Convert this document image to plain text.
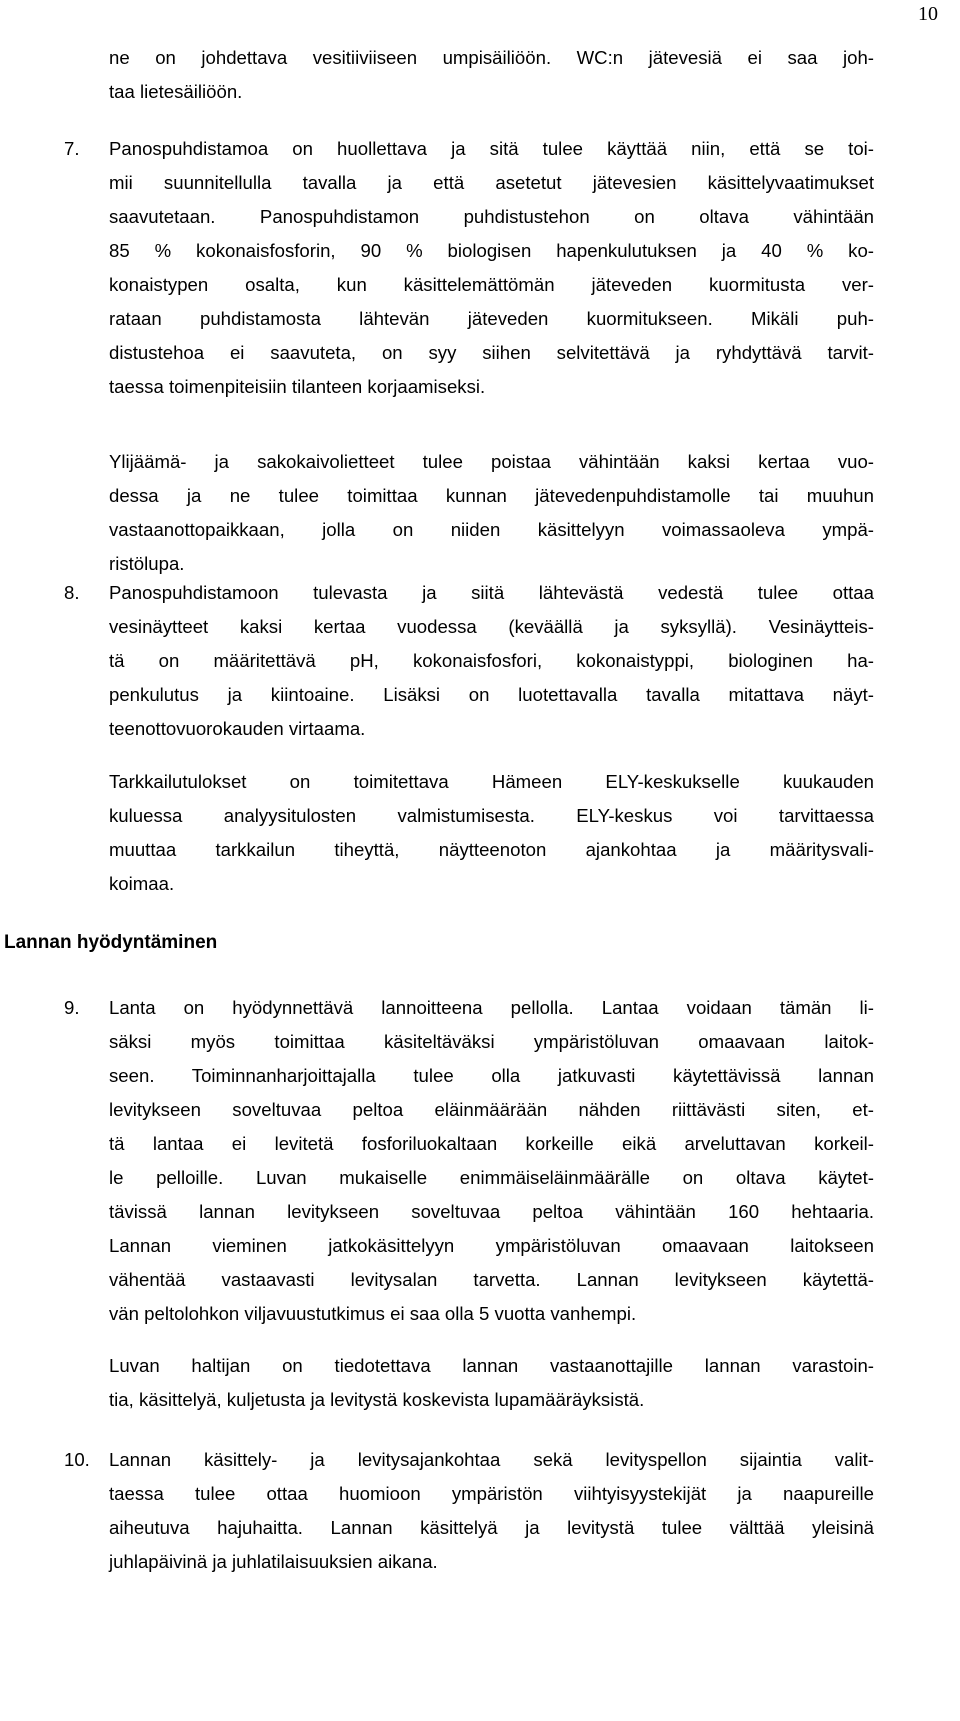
10
ne on johdettava vesitiiviiseen umpisäiliöön. WC:n jätevesiä ei saa joh-
taa lietesäiliöön.
7. Panospuhdistamoa on huollettava ja sitä tulee käyttää niin, että se toi-
mii suunnitellulla tavalla ja että asetetut jätevesien käsittelyvaatimukset
saavutetaan. Panospuhdistamon puhdistustehon on oltava vähintään
85 % kokonaisfosforin, 90 % biologisen hapenkulutuksen ja 40 % ko-
konaistypen osalta, kun käsittelemättömän jäteveden kuormitusta ver-
rataan puhdistamosta lähtevän jäteveden kuormitukseen. Mikäli puh-
distustehoa ei saavuteta, on syy siihen selvitettävä ja ryhdyttävä tarvit-
taessa toimenpiteisiin tilanteen korjaamiseksi.
Ylijäämä- ja sakokaivolietteet tulee poistaa vähintään kaksi kertaa vuo-
dessa ja ne tulee toimittaa kunnan jätevedenpuhdistamolle tai muuhun
vastaanottopaikkaan, jolla on niiden käsittelyyn voimassaoleva ympä-
ristölupa.
8. Panospuhdistamoon tulevasta ja siitä lähtevästä vedestä tulee ottaa
vesinäytteet kaksi kertaa vuodessa (keväällä ja syksyllä). Vesinäytteis-
tä on määritettävä pH, kokonaisfosfori, kokonaistyppi, biologinen ha-
penkulutus ja kiintoaine. Lisäksi on luotettavalla tavalla mitattava näyt-
teenottovuorokauden virtaama.
Tarkkailutulokset on toimitettava Hämeen ELY-keskukselle kuukauden
kuluessa analyysitulosten valmistumisesta. ELY-keskus voi tarvittaessa
muuttaa tarkkailun tiheyttä, näytteenoton ajankohtaa ja määritysvali-
koimaa.
Lannan hyödyntäminen
9. Lanta on hyödynnettävä lannoitteena pellolla. Lantaa voidaan tämän li-
säksi myös toimittaa käsiteltäväksi ympäristöluvan omaavaan laitok-
seen. Toiminnanharjoittajalla tulee olla jatkuvasti käytettävissä lannan
levitykseen soveltuvaa peltoa eläinmäärään nähden riittävästi siten, et-
tä lantaa ei levitetä fosforiluokaltaan korkeille eikä arveluttavan korkeil-
le pelloille. Luvan mukaiselle enimmäiseläinmäärälle on oltava käytet-
tävissä lannan levitykseen soveltuvaa peltoa vähintään 160 hehtaaria.
Lannan vieminen jatkokäsittelyyn ympäristöluvan omaavaan laitokseen
vähentää vastaavasti levitysalan tarvetta. Lannan levitykseen käytettä-
vän peltolohkon viljavuustutkimus ei saa olla 5 vuotta vanhempi.
Luvan haltijan on tiedotettava lannan vastaanottajille lannan varastoin-
tia, käsittelyä, kuljetusta ja levitystä koskevista lupamääräyksistä.
10. Lannan käsittely- ja levitysajankohtaa sekä levityspellon sijaintia valit-
taessa tulee ottaa huomioon ympäristön viihtyisyystekijät ja naapureille
aiheutuva hajuhaitta. Lannan käsittelyä ja levitystä tulee välttää yleisinä
juhlapäivinä ja juhlatilaisuuksien aikana.
